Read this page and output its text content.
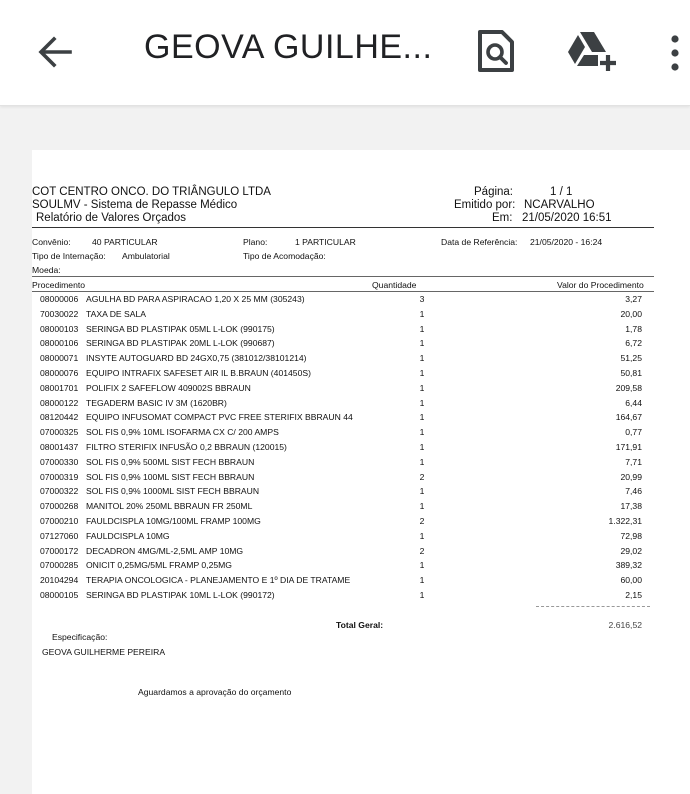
GEOVA GUILHE...
COT CENTRO ONCO. DO TRIÂNGULO LTDA
SOULMV - Sistema de Repasse Médico
Relatório de Valores Orçados
Página:	1 / 1
Emitido por: NCARVALHO
Em: 21/05/2020 16:51
Convênio: 40 PARTICULAR	Plano:	1 PARTICULAR	Data de Referência: 21/05/2020 - 16:24
Tipo de Internação: Ambulatorial	Tipo de Acomodação:
Moeda:
Procedimento	Quantidade	Valor do Procedimento
08000006 AGULHA BD PARA ASPIRACAO 1,20 X 25 MM (305243)	3	3,27
70030022 TAXA DE SALA	1	20,00
08000103 SERINGA BD PLASTIPAK 05ML L-LOK (990175)	1	1,78
08000106 SERINGA BD PLASTIPAK 20ML L-LOK (990687)	1	6,72
08000071 INSYTE AUTOGUARD BD 24GX0,75 (381012/38101214)	1	51,25
08000076 EQUIPO INTRAFIX SAFESET AIR IL B.BRAUN (401450S)	1	50,81
08001701 POLIFIX 2 SAFEFLOW 409002S BBRAUN	1	209,58
08000122 TEGADERM BASIC IV 3M (1620BR)	1	6,44
08120442 EQUIPO INFUSOMAT COMPACT PVC FREE STERIFIX BBRAUN 44	1	164,67
07000325 SOL FIS 0,9% 10ML ISOFARMA CX C/ 200 AMPS	1	0,77
08001437 FILTRO STERIFIX INFUSÃO 0,2 BBRAUN (120015)	1	171,91
07000330 SOL FIS 0,9% 500ML SIST FECH BBRAUN	1	7,71
07000319 SOL FIS 0,9% 100ML SIST FECH BBRAUN	2	20,99
07000322 SOL FIS 0,9% 1000ML SIST FECH BBRAUN	1	7,46
07000268 MANITOL 20% 250ML BBRAUN FR 250ML	1	17,38
07000210 FAULDCISPLA 10MG/100ML FRAMP 100MG	2	1.322,31
07127060 FAULDCISPLA 10MG	1	72,98
07000172 DECADRON 4MG/ML-2,5ML AMP 10MG	2	29,02
07000285 ONICIT 0,25MG/5ML FRAMP 0,25MG	1	389,32
20104294 TERAPIA ONCOLOGICA - PLANEJAMENTO E 1º DIA DE TRATAME	1	60,00
08000105 SERINGA BD PLASTIPAK 10ML L-LOK (990172)	1	2,15
Total Geral:	2.616,52
Especificação:
GEOVA GUILHERME PEREIRA
Aguardamos a aprovação do orçamento
